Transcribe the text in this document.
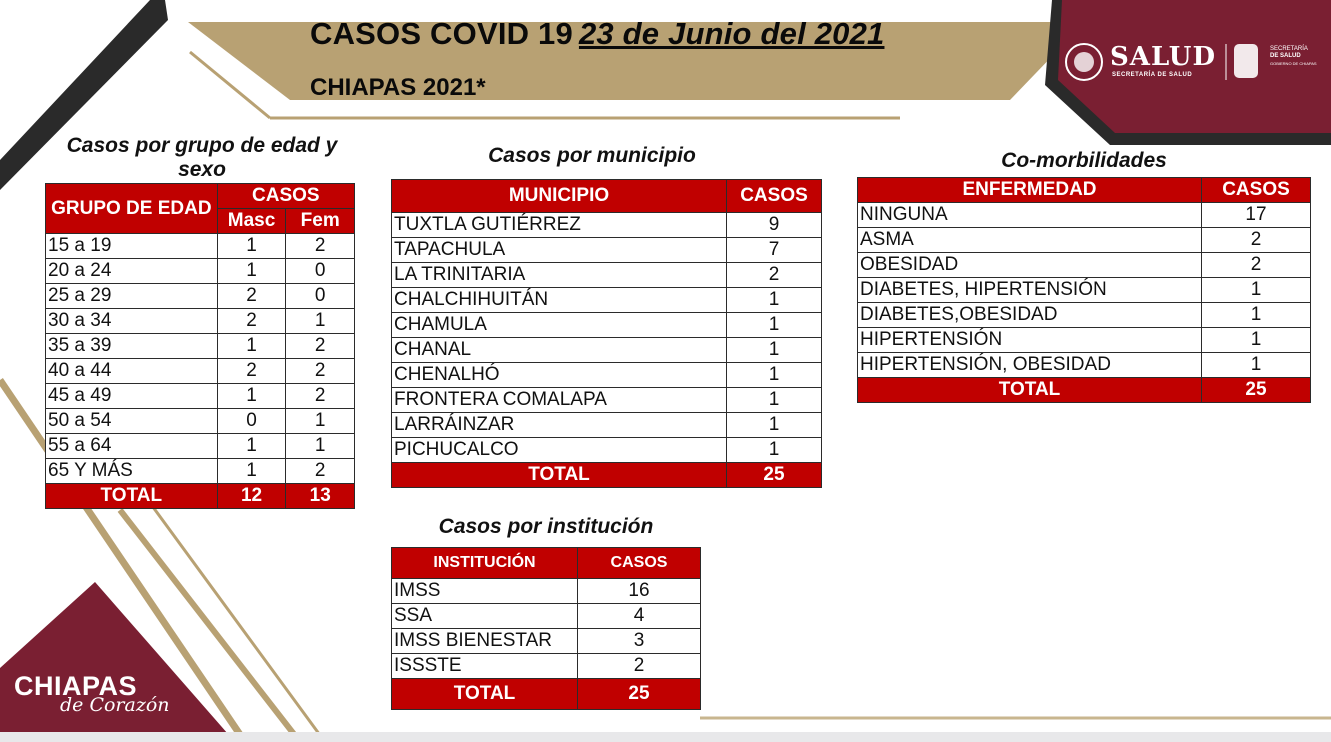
CASOS COVID 19 23 de Junio del 2021
CHIAPAS 2021*
SALUD
SECRETARÍA DE SALUD
SECRETARÍA
DE SALUD
GOBIERNO DE CHIAPAS
CHIAPAS
de Corazón
Casos por grupo de edad y sexo
GRUPO DE EDAD	CASOS	
	Masc	Fem
15 a 19	1	2
20 a 24	1	0
25 a 29	2	0
30 a 34	2	1
35 a 39	1	2
40 a 44	2	2
45 a 49	1	2
50 a 54	0	1
55 a 64	1	1
65 Y MÁS	1	2
TOTAL	12	13
Casos por municipio
MUNICIPIO	CASOS
TUXTLA GUTIÉRREZ	9
TAPACHULA	7
LA TRINITARIA	2
CHALCHIHUITÁN	1
CHAMULA	1
CHANAL	1
CHENALHÓ	1
FRONTERA COMALAPA	1
LARRÁINZAR	1
PICHUCALCO	1
TOTAL	25
Casos por institución
INSTITUCIÓN	CASOS
IMSS	16
SSA	4
IMSS BIENESTAR	3
ISSSTE	2
TOTAL	25
Co-morbilidades
ENFERMEDAD	CASOS
NINGUNA	17
ASMA	2
OBESIDAD	2
DIABETES, HIPERTENSIÓN	1
DIABETES,OBESIDAD	1
HIPERTENSIÓN	1
HIPERTENSIÓN, OBESIDAD	1
TOTAL	25
